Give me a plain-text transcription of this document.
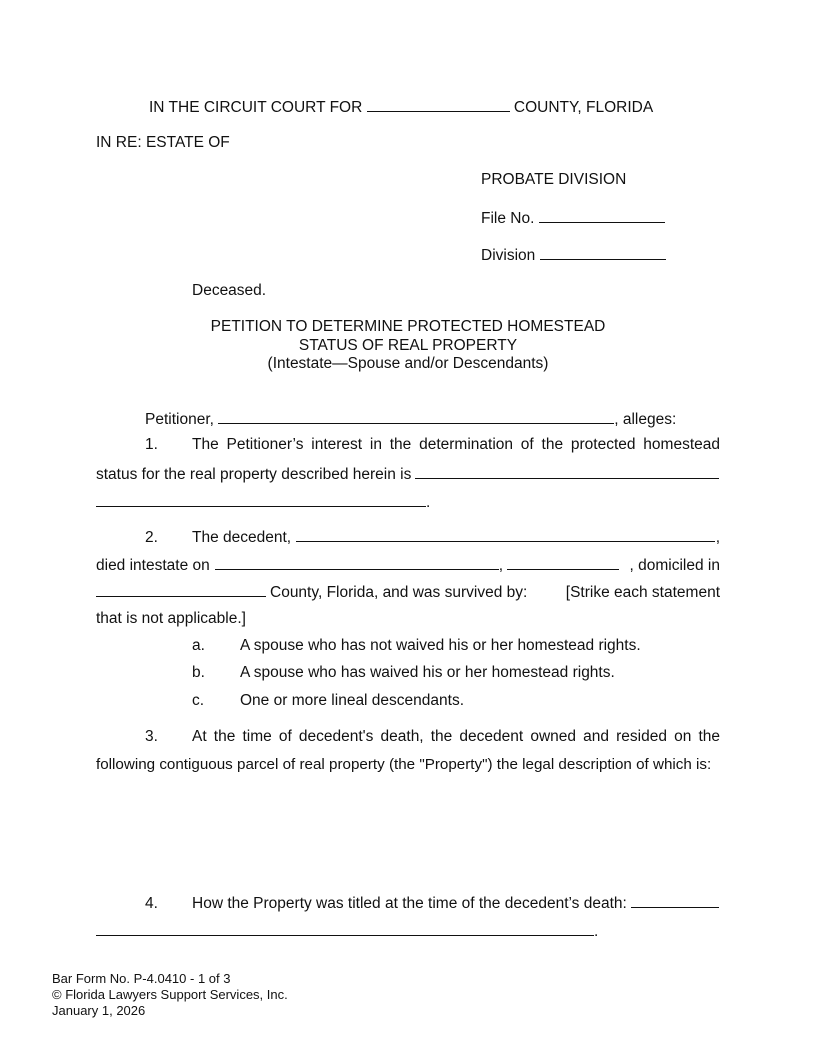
IN THE CIRCUIT COURT FOR	COUNTY, FLORIDA
IN RE: ESTATE OF
PROBATE DIVISION
File No.
Division
Deceased.
PETITION TO DETERMINE PROTECTED HOMESTEAD
STATUS OF REAL PROPERTY
(Intestate—Spouse and/or Descendants)
Petitioner,	, alleges:
1.	The Petitioner’s interest in the determination of the protected homestead
status for the real property described herein is
.
2.	The decedent,	,
died intestate on	,	, domiciled in
County, Florida, and was survived by:	[Strike each statement
that is not applicable.]
a. A spouse who has not waived his or her homestead rights.
b. A spouse who has waived his or her homestead rights.
c. One or more lineal descendants.
3.	At the time of decedent's death, the decedent owned and resided on the
following contiguous parcel of real property (the "Property") the legal description of which is:
4.	How the Property was titled at the time of the decedent’s death:
.
Bar Form No. P-4.0410 - 1 of 3
© Florida Lawyers Support Services, Inc.
January 1, 2026
